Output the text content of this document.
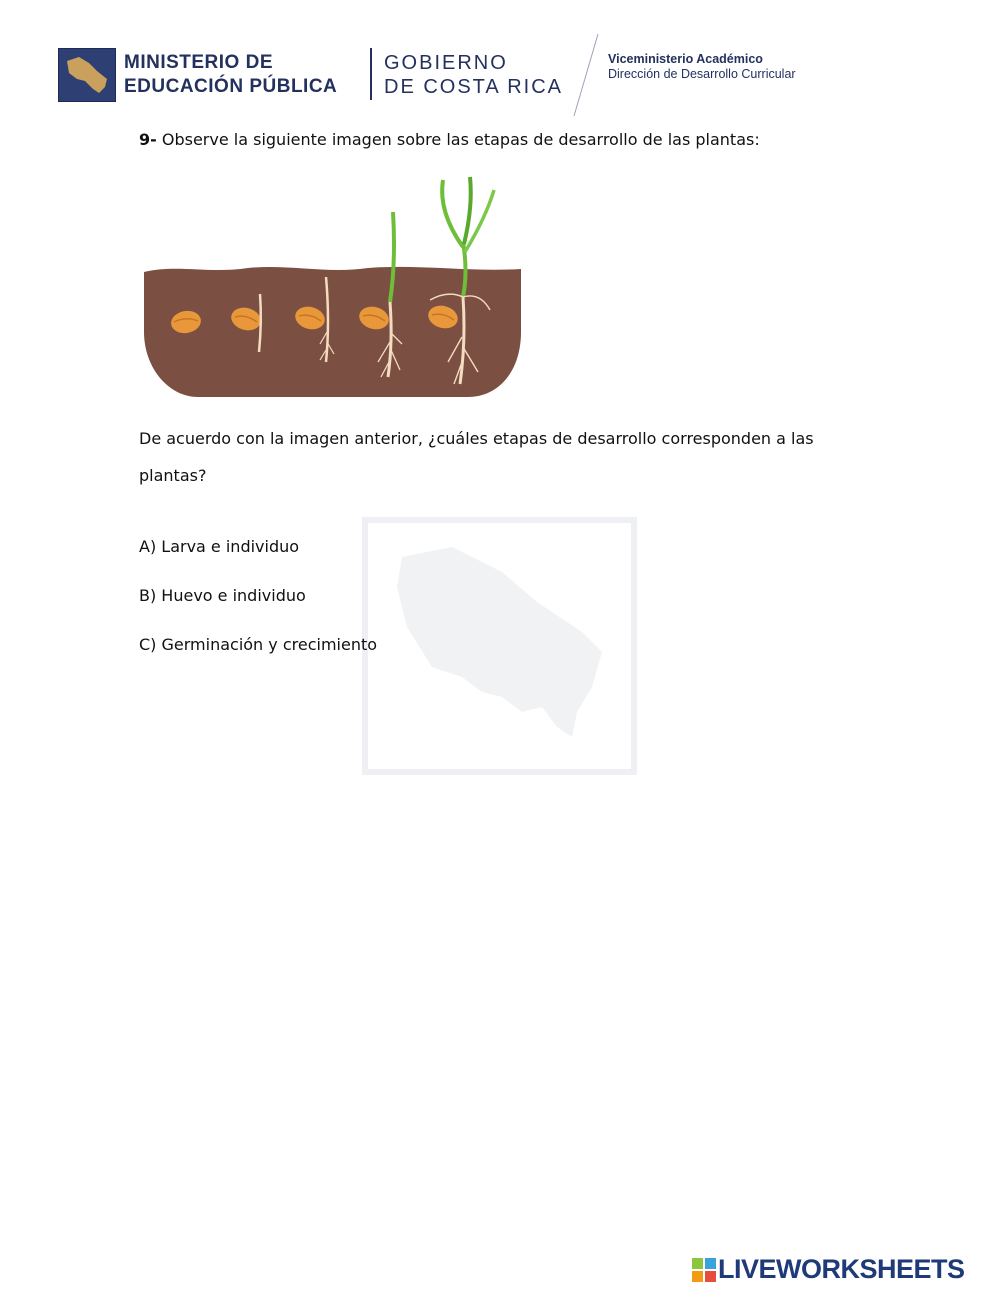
MINISTERIO DE
EDUCACIÓN PÚBLICA
GOBIERNO
DE COSTA RICA
Viceministerio Académico
Dirección de Desarrollo Curricular
9- Observe la siguiente imagen sobre las etapas de desarrollo de las plantas:
De acuerdo con la imagen anterior, ¿cuáles etapas de desarrollo corresponden a las
plantas?
A) Larva e individuo
B) Huevo e individuo
C) Germinación y crecimiento
LIVEWORKSHEETS
